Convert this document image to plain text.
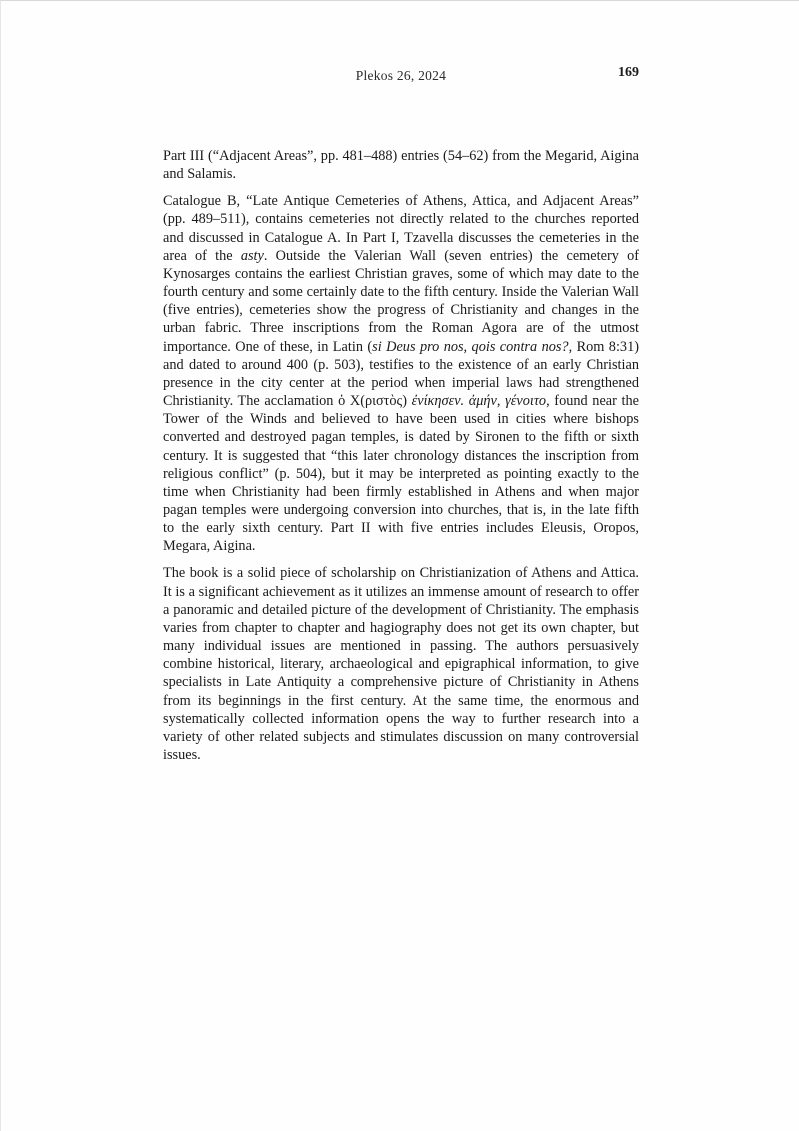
Plekos 26, 2024	169

Part III (“Adjacent Areas”, pp. 481–488) entries (54–62) from the Megarid, Aigina and Salamis.

Catalogue B, “Late Antique Cemeteries of Athens, Attica, and Adjacent Areas” (pp. 489–511), contains cemeteries not directly related to the churches reported and discussed in Catalogue A. In Part I, Tzavella discusses the cemeteries in the area of the asty. Outside the Valerian Wall (seven entries) the cemetery of Kynosarges contains the earliest Christian graves, some of which may date to the fourth century and some certainly date to the fifth century. Inside the Valerian Wall (five entries), cemeteries show the progress of Christianity and changes in the urban fabric. Three inscriptions from the Roman Agora are of the utmost importance. One of these, in Latin (si Deus pro nos, qois contra nos?, Rom 8:31) and dated to around 400 (p. 503), testifies to the existence of an early Christian presence in the city center at the period when imperial laws had strengthened Christianity. The acclamation ὁ Χ(ριστὸς) ἐνίκησεν. ἀμήν, γένοιτο, found near the Tower of the Winds and believed to have been used in cities where bishops converted and destroyed pagan temples, is dated by Sironen to the fifth or sixth century. It is suggested that “this later chronology distances the inscription from religious conflict” (p. 504), but it may be interpreted as pointing exactly to the time when Christianity had been firmly established in Athens and when major pagan temples were undergoing conversion into churches, that is, in the late fifth to the early sixth century. Part II with five entries includes Eleusis, Oropos, Megara, Aigina.

The book is a solid piece of scholarship on Christianization of Athens and Attica. It is a significant achievement as it utilizes an immense amount of research to offer a panoramic and detailed picture of the development of Christianity. The emphasis varies from chapter to chapter and hagiography does not get its own chapter, but many individual issues are mentioned in passing. The authors persuasively combine historical, literary, archaeological and epigraphical information, to give specialists in Late Antiquity a comprehensive picture of Christianity in Athens from its beginnings in the first century. At the same time, the enormous and systematically collected information opens the way to further research into a variety of other related subjects and stimulates discussion on many controversial issues.
